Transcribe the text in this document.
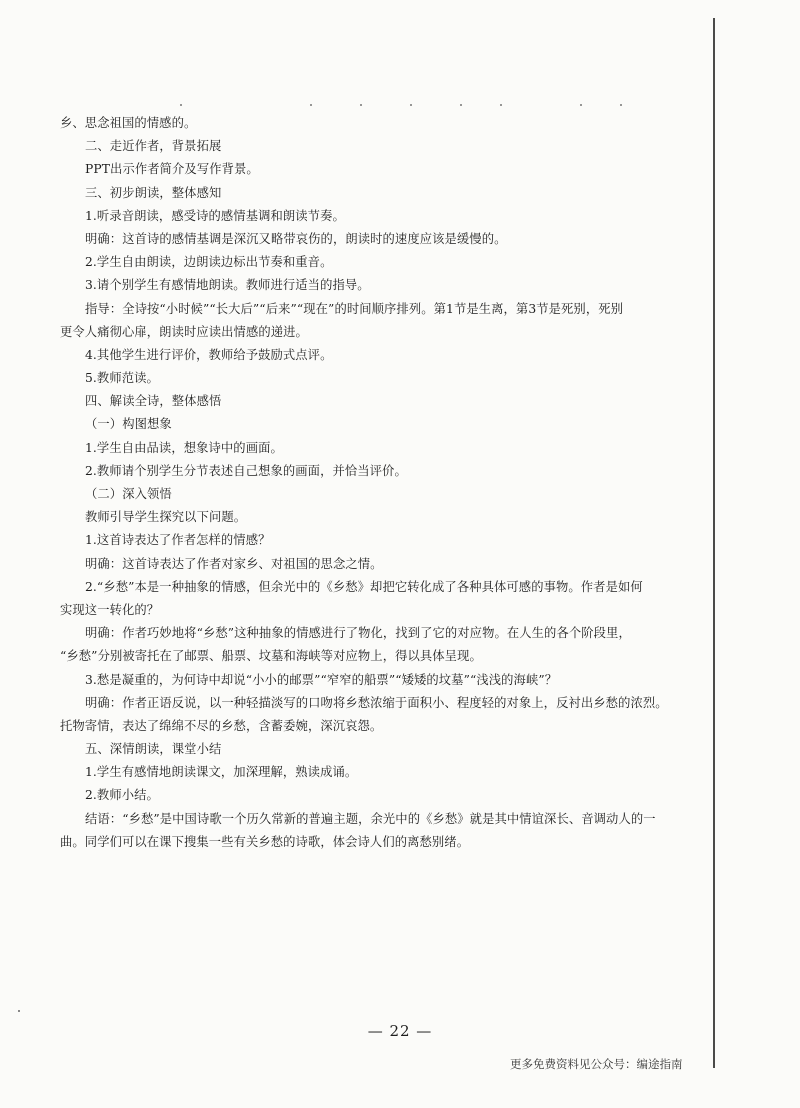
乡、思念祖国的情感的。
二、走近作者，背景拓展
PPT出示作者简介及写作背景。
三、初步朗读，整体感知
1.听录音朗读，感受诗的感情基调和朗读节奏。
明确：这首诗的感情基调是深沉又略带哀伤的，朗读时的速度应该是缓慢的。
2.学生自由朗读，边朗读边标出节奏和重音。
3.请个别学生有感情地朗读。教师进行适当的指导。
指导：全诗按“小时候”“长大后”“后来”“现在”的时间顺序排列。第1节是生离，第3节是死别，死别
更令人痛彻心扉，朗读时应读出情感的递进。
4.其他学生进行评价，教师给予鼓励式点评。
5.教师范读。
四、解读全诗，整体感悟
（一）构图想象
1.学生自由品读，想象诗中的画面。
2.教师请个别学生分节表述自己想象的画面，并恰当评价。
（二）深入领悟
教师引导学生探究以下问题。
1.这首诗表达了作者怎样的情感？
明确：这首诗表达了作者对家乡、对祖国的思念之情。
2.“乡愁”本是一种抽象的情感，但余光中的《乡愁》却把它转化成了各种具体可感的事物。作者是如何
实现这一转化的？
明确：作者巧妙地将“乡愁”这种抽象的情感进行了物化，找到了它的对应物。在人生的各个阶段里，
“乡愁”分别被寄托在了邮票、船票、坟墓和海峡等对应物上，得以具体呈现。
3.愁是凝重的，为何诗中却说“小小的邮票”“窄窄的船票”“矮矮的坟墓”“浅浅的海峡”？
明确：作者正语反说，以一种轻描淡写的口吻将乡愁浓缩于面积小、程度轻的对象上，反衬出乡愁的浓烈。
托物寄情，表达了绵绵不尽的乡愁，含蓄委婉，深沉哀怨。
五、深情朗读，课堂小结
1.学生有感情地朗读课文，加深理解，熟读成诵。
2.教师小结。
结语：“乡愁”是中国诗歌一个历久常新的普遍主题，余光中的《乡愁》就是其中情谊深长、音调动人的一
曲。同学们可以在课下搜集一些有关乡愁的诗歌，体会诗人们的离愁别绪。
— 22 —
更多免费资料见公众号：编途指南
